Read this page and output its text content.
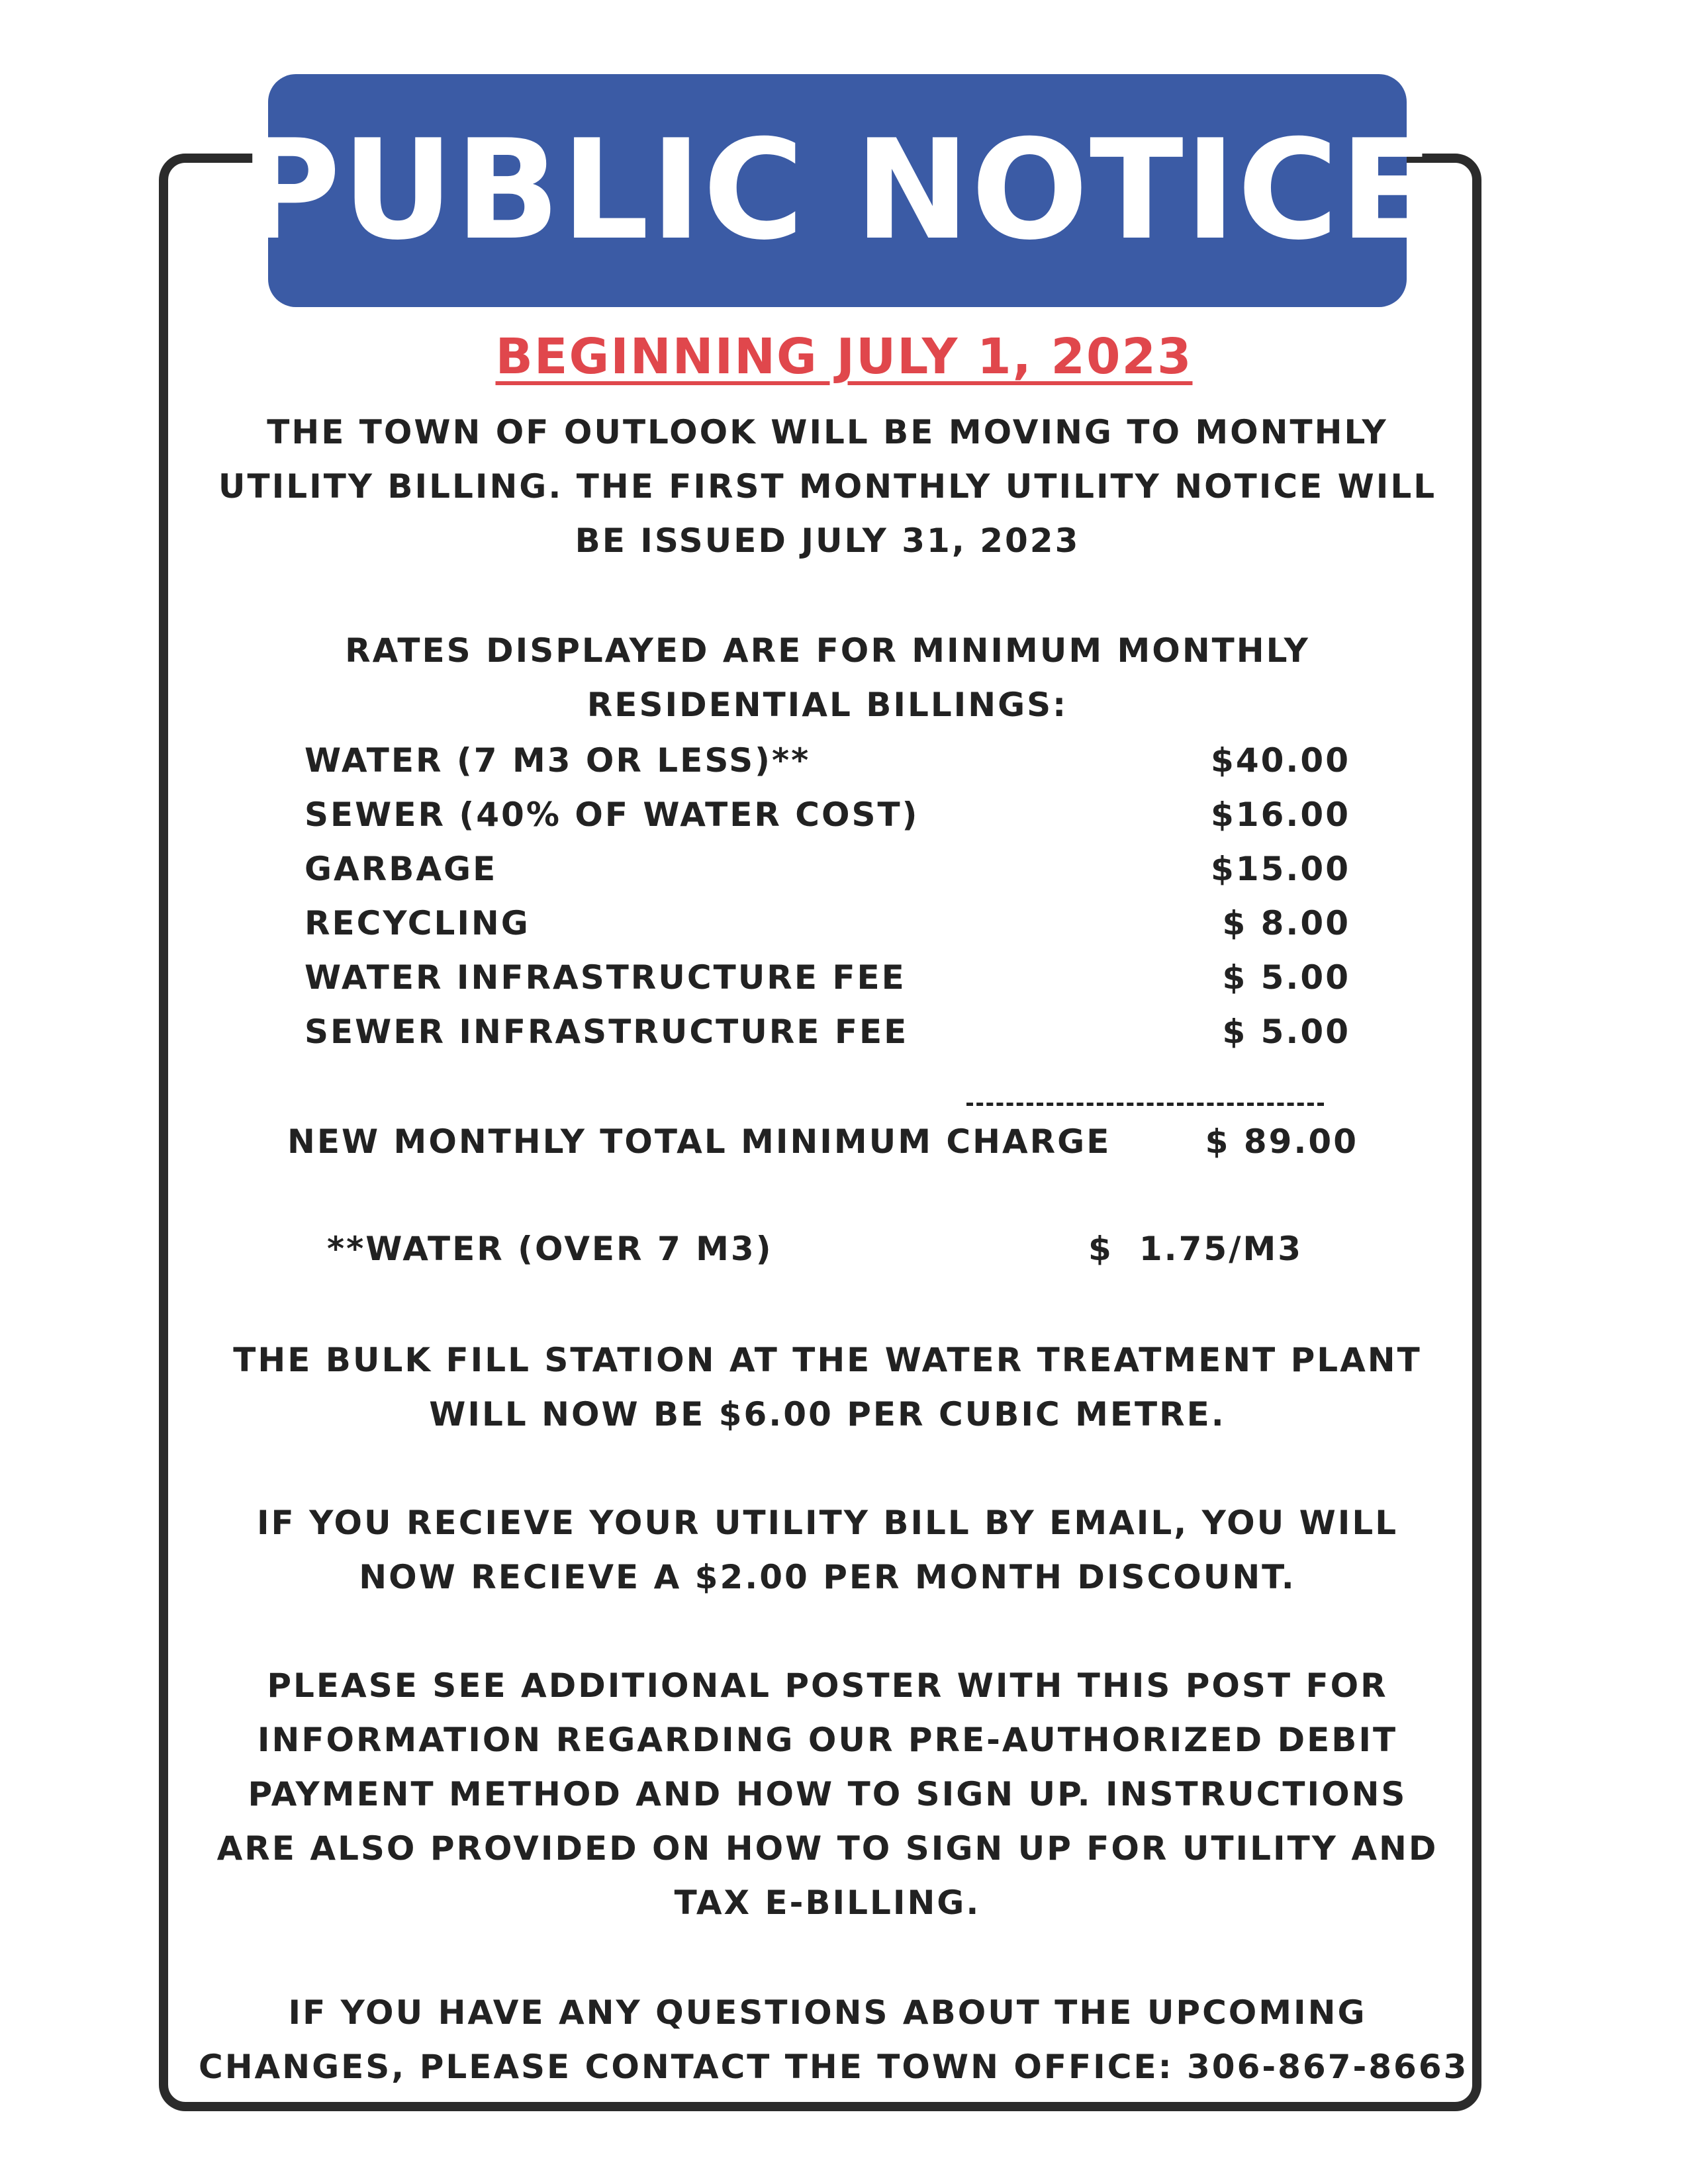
PUBLIC NOTICE
BEGINNING JULY 1, 2023
THE TOWN OF OUTLOOK WILL BE MOVING TO MONTHLY
UTILITY BILLING. THE FIRST MONTHLY UTILITY NOTICE WILL
BE ISSUED JULY 31, 2023
RATES DISPLAYED ARE FOR MINIMUM MONTHLY
RESIDENTIAL BILLINGS:
WATER (7 M3 OR LESS)**	$40.00
SEWER (40% OF WATER COST)	$16.00
GARBAGE	$15.00
RECYCLING	$ 8.00
WATER INFRASTRUCTURE FEE	$ 5.00
SEWER INFRASTRUCTURE FEE	$ 5.00
NEW MONTHLY TOTAL MINIMUM CHARGE	$ 89.00
**WATER (OVER 7 M3)	$ 1.75/M3
THE BULK FILL STATION AT THE WATER TREATMENT PLANT
WILL NOW BE $6.00 PER CUBIC METRE.
IF YOU RECIEVE YOUR UTILITY BILL BY EMAIL, YOU WILL
NOW RECIEVE A $2.00 PER MONTH DISCOUNT.
PLEASE SEE ADDITIONAL POSTER WITH THIS POST FOR
INFORMATION REGARDING OUR PRE-AUTHORIZED DEBIT
PAYMENT METHOD AND HOW TO SIGN UP. INSTRUCTIONS
ARE ALSO PROVIDED ON HOW TO SIGN UP FOR UTILITY AND
TAX E-BILLING.
IF YOU HAVE ANY QUESTIONS ABOUT THE UPCOMING
CHANGES, PLEASE CONTACT THE TOWN OFFICE: 306-867-8663
